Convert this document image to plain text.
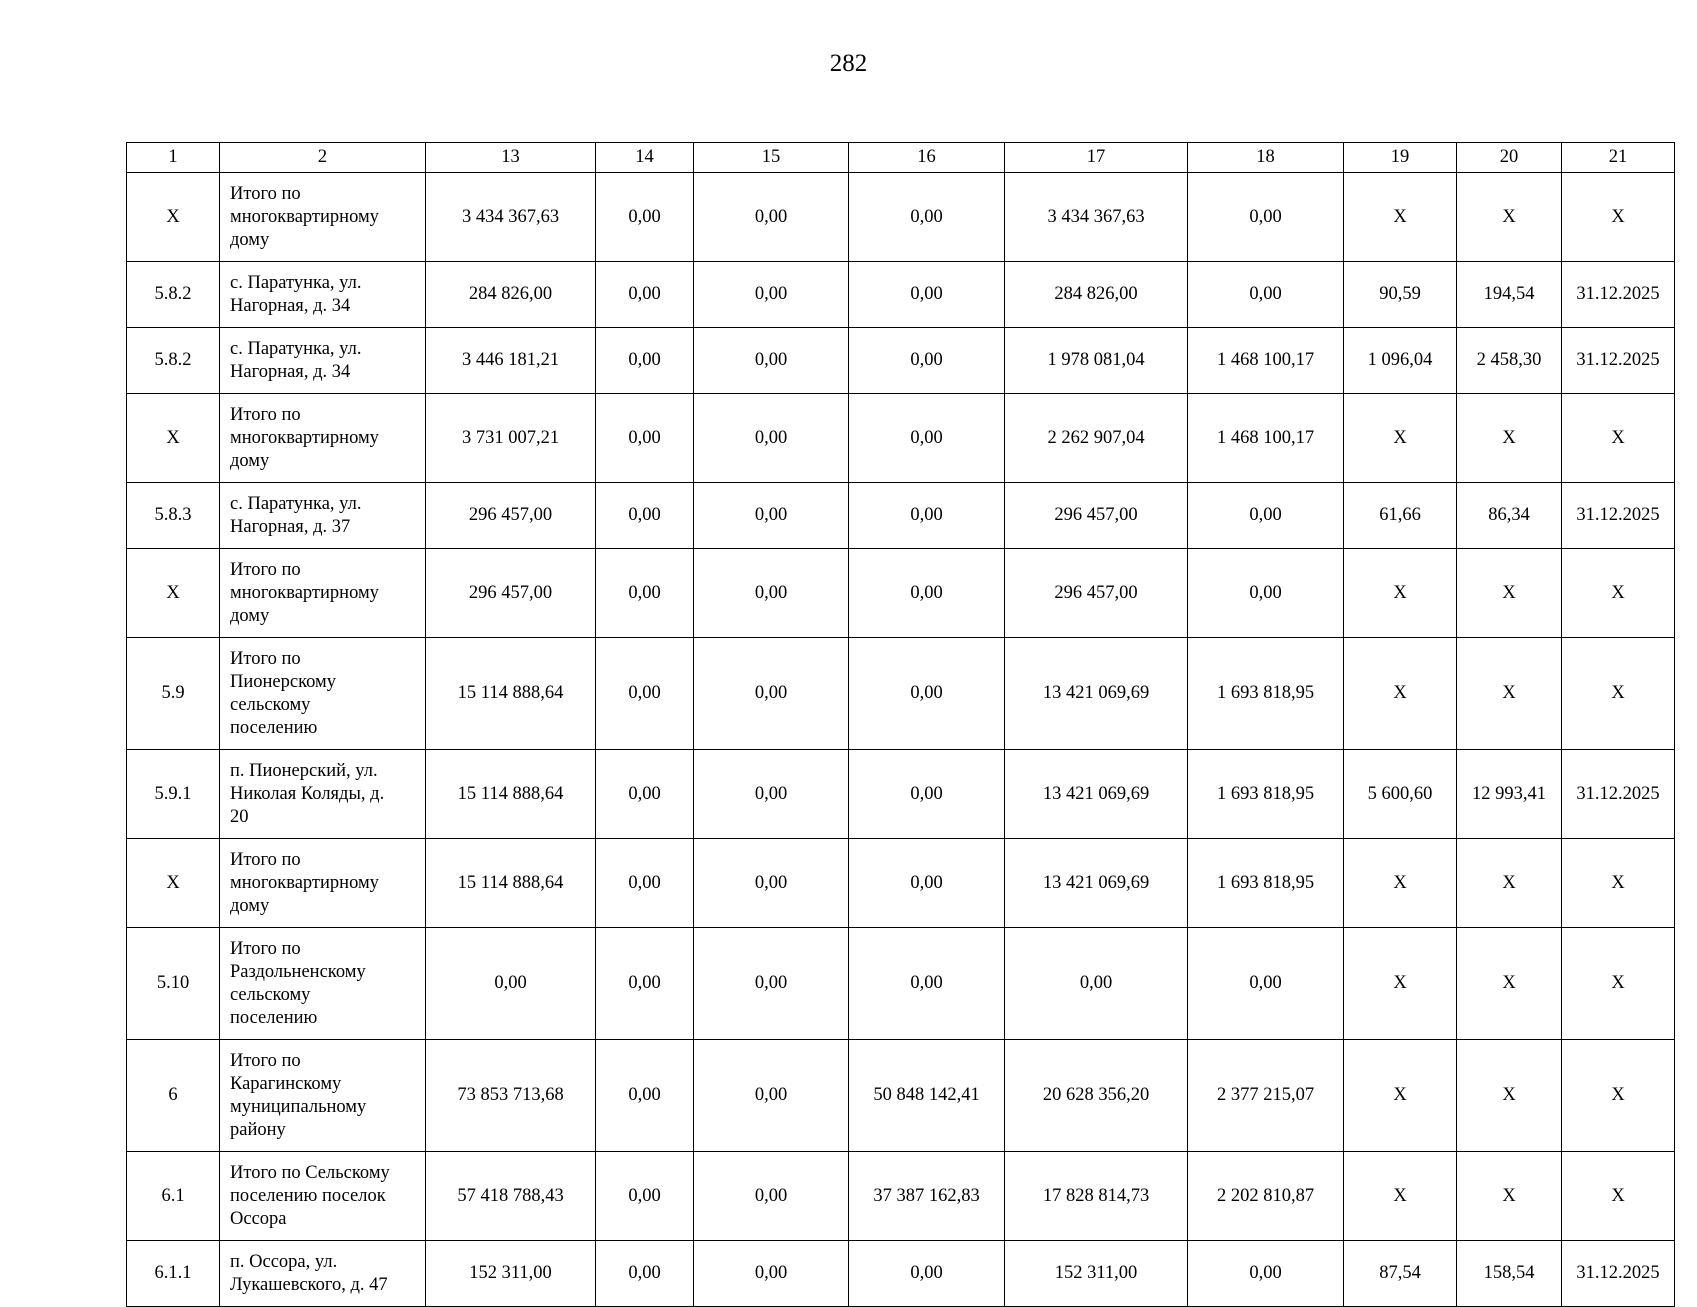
282
1	2	13	14	15	16	17	18	19	20	21
X	Итого по
многоквартирному
дому	3 434 367,63	0,00	0,00	0,00	3 434 367,63	0,00	X	X	X
5.8.2	с. Паратунка, ул.
Нагорная, д. 34	284 826,00	0,00	0,00	0,00	284 826,00	0,00	90,59	194,54	31.12.2025
5.8.2	с. Паратунка, ул.
Нагорная, д. 34	3 446 181,21	0,00	0,00	0,00	1 978 081,04	1 468 100,17	1 096,04	2 458,30	31.12.2025
X	Итого по
многоквартирному
дому	3 731 007,21	0,00	0,00	0,00	2 262 907,04	1 468 100,17	X	X	X
5.8.3	с. Паратунка, ул.
Нагорная, д. 37	296 457,00	0,00	0,00	0,00	296 457,00	0,00	61,66	86,34	31.12.2025
X	Итого по
многоквартирному
дому	296 457,00	0,00	0,00	0,00	296 457,00	0,00	X	X	X
5.9	Итого по
Пионерскому
сельскому
поселению	15 114 888,64	0,00	0,00	0,00	13 421 069,69	1 693 818,95	X	X	X
5.9.1	п. Пионерский, ул.
Николая Коляды, д.
20	15 114 888,64	0,00	0,00	0,00	13 421 069,69	1 693 818,95	5 600,60	12 993,41	31.12.2025
X	Итого по
многоквартирному
дому	15 114 888,64	0,00	0,00	0,00	13 421 069,69	1 693 818,95	X	X	X
5.10	Итого по
Раздольненскому
сельскому
поселению	0,00	0,00	0,00	0,00	0,00	0,00	X	X	X
6	Итого по
Карагинскому
муниципальному
району	73 853 713,68	0,00	0,00	50 848 142,41	20 628 356,20	2 377 215,07	X	X	X
6.1	Итого по Сельскому
поселению поселок
Оссора	57 418 788,43	0,00	0,00	37 387 162,83	17 828 814,73	2 202 810,87	X	X	X
6.1.1	п. Оссора, ул.
Лукашевского, д. 47	152 311,00	0,00	0,00	0,00	152 311,00	0,00	87,54	158,54	31.12.2025
